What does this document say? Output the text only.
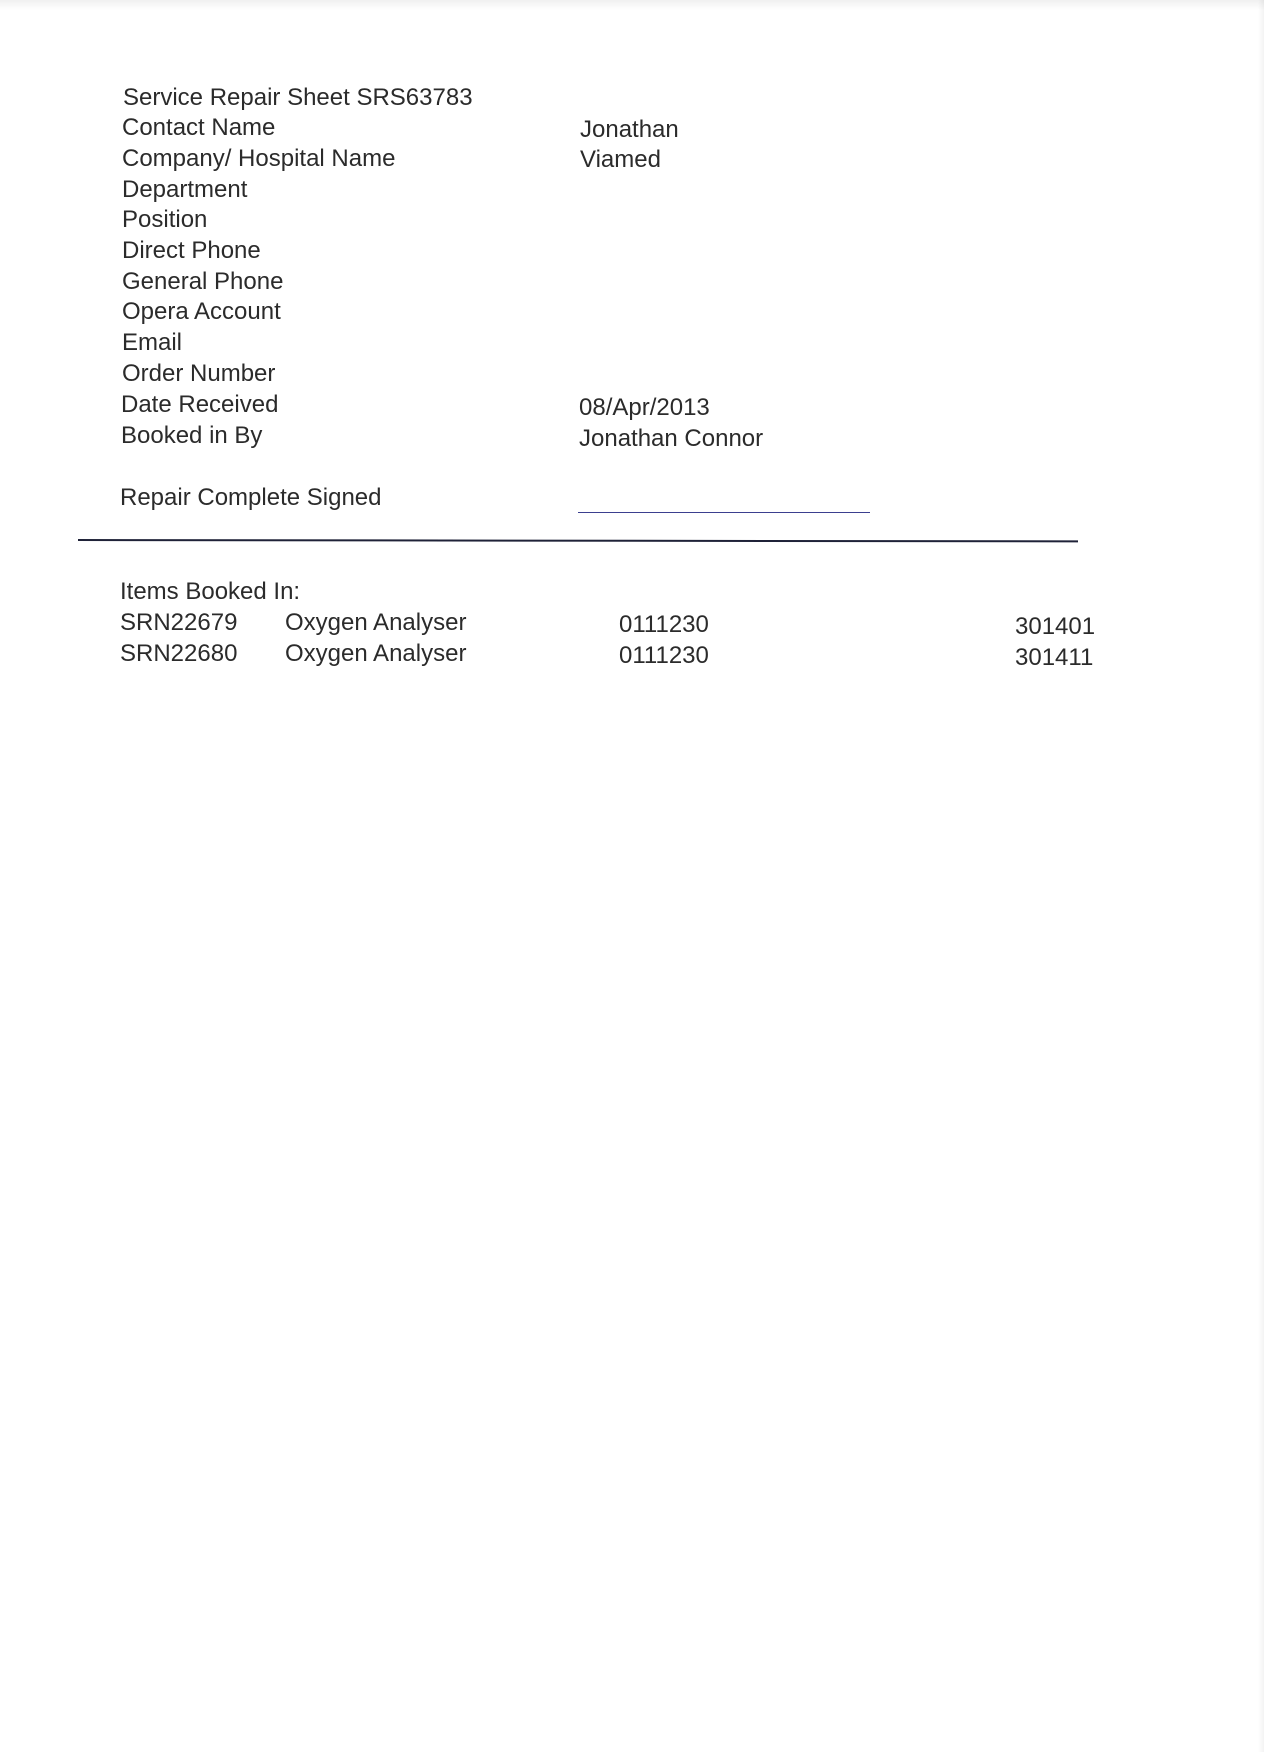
Service Repair Sheet SRS63783
Contact Name	Jonathan
Company/ Hospital Name	Viamed
Department
Position
Direct Phone
General Phone
Opera Account
Email
Order Number
Date Received	08/Apr/2013
Booked in By	Jonathan Connor
Repair Complete Signed
Items Booked In:
SRN22679 Oxygen Analyser	0111230	301401
SRN22680 Oxygen Analyser	0111230	301411
